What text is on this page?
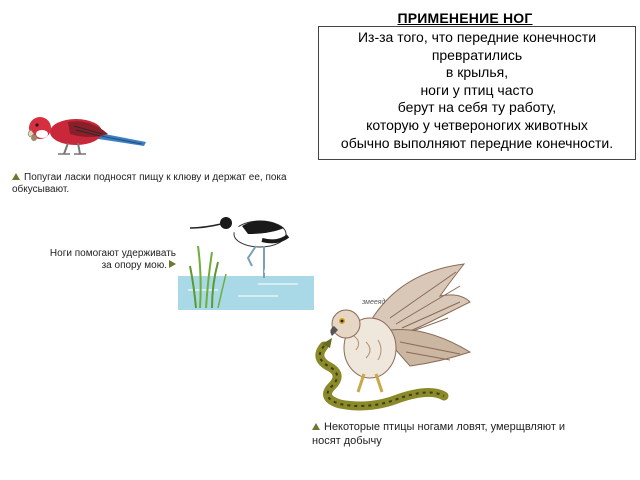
ПРИМЕНЕНИЕ НОГ
Из-за того, что передние конечности
превратились
в крылья,
ноги у птиц часто
берут на себя ту работу,
которую у четвероногих животных
обычно выполняют передние конечности.
Попугаи ласки подносят пищу к клюву и держат ее, пока
обкусывают.
шилоклювка
Ноги помогают удерживать
за опору мою.
змееяд
Некоторые птицы ногами ловят, умерщвляют и
носят добычу
